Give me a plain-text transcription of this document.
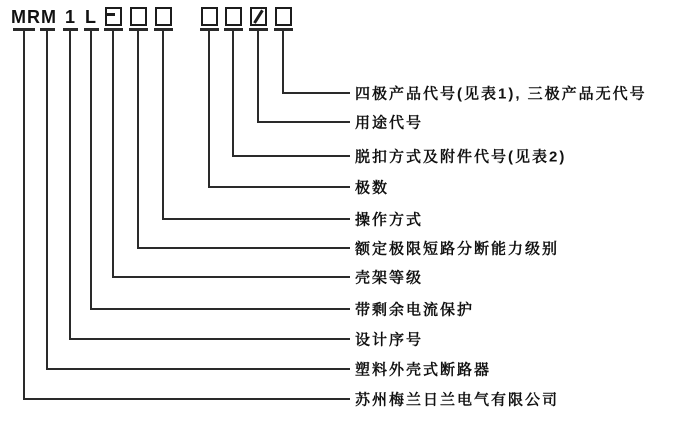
MR M 1 L
四极产品代号(见表1), 三极产品无代号
用途代号
脱扣方式及附件代号(见表2)
极数
操作方式
额定极限短路分断能力级别
壳架等级
带剩余电流保护
设计序号
塑料外壳式断路器
苏州梅兰日兰电气有限公司
